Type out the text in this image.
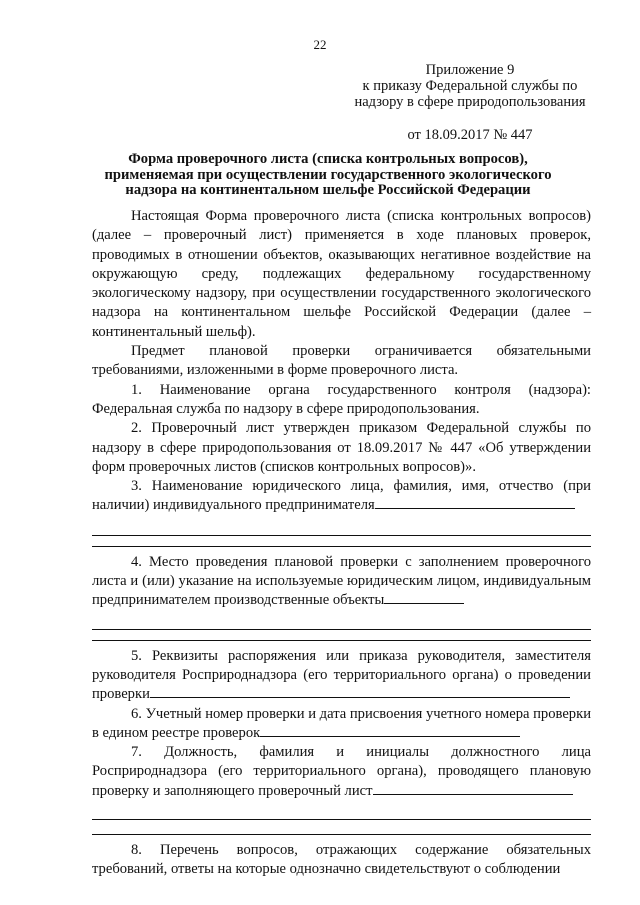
22
Приложение 9
к приказу Федеральной службы по
надзору в сфере природопользования
от 18.09.2017 № 447
Форма проверочного листа (списка контрольных вопросов),
применяемая при осуществлении государственного экологического
надзора на континентальном шельфе Российской Федерации

Настоящая Форма проверочного листа (списка контрольных вопросов) (далее – проверочный лист) применяется в ходе плановых проверок, проводимых в отношении объектов, оказывающих негативное воздействие на окружающую среду, подлежащих федеральному государственному экологическому надзору, при осуществлении государственного экологического надзора на континентальном шельфе Российской Федерации (далее – континентальный шельф).

Предмет плановой проверки ограничивается обязательными требованиями, изложенными в форме проверочного листа.

1. Наименование органа государственного контроля (надзора): Федеральная служба по надзору в сфере природопользования.

2. Проверочный лист утвержден приказом Федеральной службы по надзору в сфере природопользования от 18.09.2017 № 447 «Об утверждении форм проверочных листов (списков контрольных вопросов)».

3. Наименование юридического лица, фамилия, имя, отчество (при наличии) индивидуального предпринимателя

4. Место проведения плановой проверки с заполнением проверочного листа и (или) указание на используемые юридическим лицом, индивидуальным предпринимателем производственные объекты

5. Реквизиты распоряжения или приказа руководителя, заместителя руководителя Росприроднадзора (его территориального органа) о проведении проверки

6. Учетный номер проверки и дата присвоения учетного номера проверки в едином реестре проверок

7. Должность, фамилия и инициалы должностного лица Росприроднадзора (его территориального органа), проводящего плановую проверку и заполняющего проверочный лист

8. Перечень вопросов, отражающих содержание обязательных требований, ответы на которые однозначно свидетельствуют о соблюдении
